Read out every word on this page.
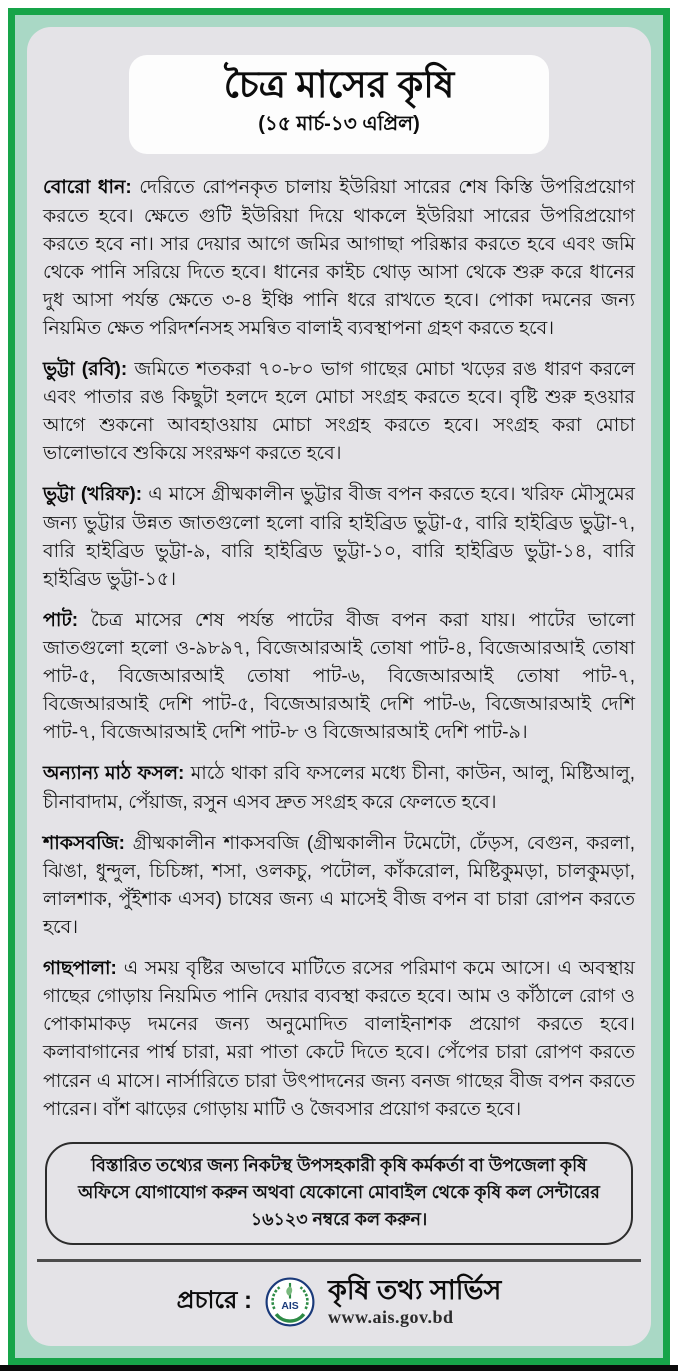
চৈত্র মাসের কৃষি
(১৫ মার্চ-১৩ এপ্রিল)

বোরো ধান: দেরিতে রোপনকৃত চালায় ইউরিয়া সারের শেষ কিস্তি উপরিপ্রয়োগ করতে হবে। ক্ষেতে গুটি ইউরিয়া দিয়ে থাকলে ইউরিয়া সারের উপরিপ্রয়োগ করতে হবে না। সার দেয়ার আগে জমির আগাছা পরিষ্কার করতে হবে এবং জমি থেকে পানি সরিয়ে দিতে হবে। ধানের কাইচ থোড় আসা থেকে শুরু করে ধানের দুধ আসা পর্যন্ত ক্ষেতে ৩-৪ ইঞ্চি পানি ধরে রাখতে হবে। পোকা দমনের জন্য নিয়মিত ক্ষেত পরিদর্শনসহ সমন্বিত বালাই ব্যবস্থাপনা গ্রহণ করতে হবে।

ভুট্টা (রবি): জমিতে শতকরা ৭০-৮০ ভাগ গাছের মোচা খড়ের রঙ ধারণ করলে এবং পাতার রঙ কিছুটা হলদে হলে মোচা সংগ্রহ করতে হবে। বৃষ্টি শুরু হওয়ার আগে শুকনো আবহাওয়ায় মোচা সংগ্রহ করতে হবে। সংগ্রহ করা মোচা ভালোভাবে শুকিয়ে সংরক্ষণ করতে হবে।

ভুট্টা (খরিফ): এ মাসে গ্রীষ্মকালীন ভুট্টার বীজ বপন করতে হবে। খরিফ মৌসুমের জন্য ভুট্টার উন্নত জাতগুলো হলো বারি হাইব্রিড ভুট্টা-৫, বারি হাইব্রিড ভুট্টা-৭, বারি হাইব্রিড ভুট্টা-৯, বারি হাইব্রিড ভুট্টা-১০, বারি হাইব্রিড ভুট্টা-১৪, বারি হাইব্রিড ভুট্টা-১৫।

পাট: চৈত্র মাসের শেষ পর্যন্ত পাটের বীজ বপন করা যায়। পাটের ভালো জাতগুলো হলো ও-৯৮৯৭, বিজেআরআই তোষা পাট-৪, বিজেআরআই তোষা পাট-৫, বিজেআরআই তোষা পাট-৬, বিজেআরআই তোষা পাট-৭, বিজেআরআই দেশি পাট-৫, বিজেআরআই দেশি পাট-৬, বিজেআরআই দেশি পাট-৭, বিজেআরআই দেশি পাট-৮ ও বিজেআরআই দেশি পাট-৯।

অন্যান্য মাঠ ফসল: মাঠে থাকা রবি ফসলের মধ্যে চীনা, কাউন, আলু, মিষ্টিআলু, চীনাবাদাম, পেঁয়াজ, রসুন এসব দ্রুত সংগ্রহ করে ফেলতে হবে।

শাকসবজি: গ্রীষ্মকালীন শাকসবজি (গ্রীষ্মকালীন টমেটো, ঢেঁড়স, বেগুন, করলা, ঝিঙা, ধুন্দুল, চিচিঙ্গা, শসা, ওলকচু, পটোল, কাঁকরোল, মিষ্টিকুমড়া, চালকুমড়া, লালশাক, পুঁইশাক এসব) চাষের জন্য এ মাসেই বীজ বপন বা চারা রোপন করতে হবে।

গাছপালা: এ সময় বৃষ্টির অভাবে মাটিতে রসের পরিমাণ কমে আসে। এ অবস্থায় গাছের গোড়ায় নিয়মিত পানি দেয়ার ব্যবস্থা করতে হবে। আম ও কাঁঠালে রোগ ও পোকামাকড় দমনের জন্য অনুমোদিত বালাইনাশক প্রয়োগ করতে হবে। কলাবাগানের পার্শ্ব চারা, মরা পাতা কেটে দিতে হবে। পেঁপের চারা রোপণ করতে পারেন এ মাসে। নার্সারিতে চারা উৎপাদনের জন্য বনজ গাছের বীজ বপন করতে পারেন। বাঁশ ঝাড়ের গোড়ায় মাটি ও জৈবসার প্রয়োগ করতে হবে।

বিস্তারিত তথ্যের জন্য নিকটস্থ উপসহকারী কৃষি কর্মকর্তা বা উপজেলা কৃষি অফিসে যোগাযোগ করুন অথবা যেকোনো মোবাইল থেকে কৃষি কল সেন্টারের ১৬১২৩ নম্বরে কল করুন।
প্রচারে : AIS
কৃষি তথ্য সার্ভিস
www.ais.gov.bd
